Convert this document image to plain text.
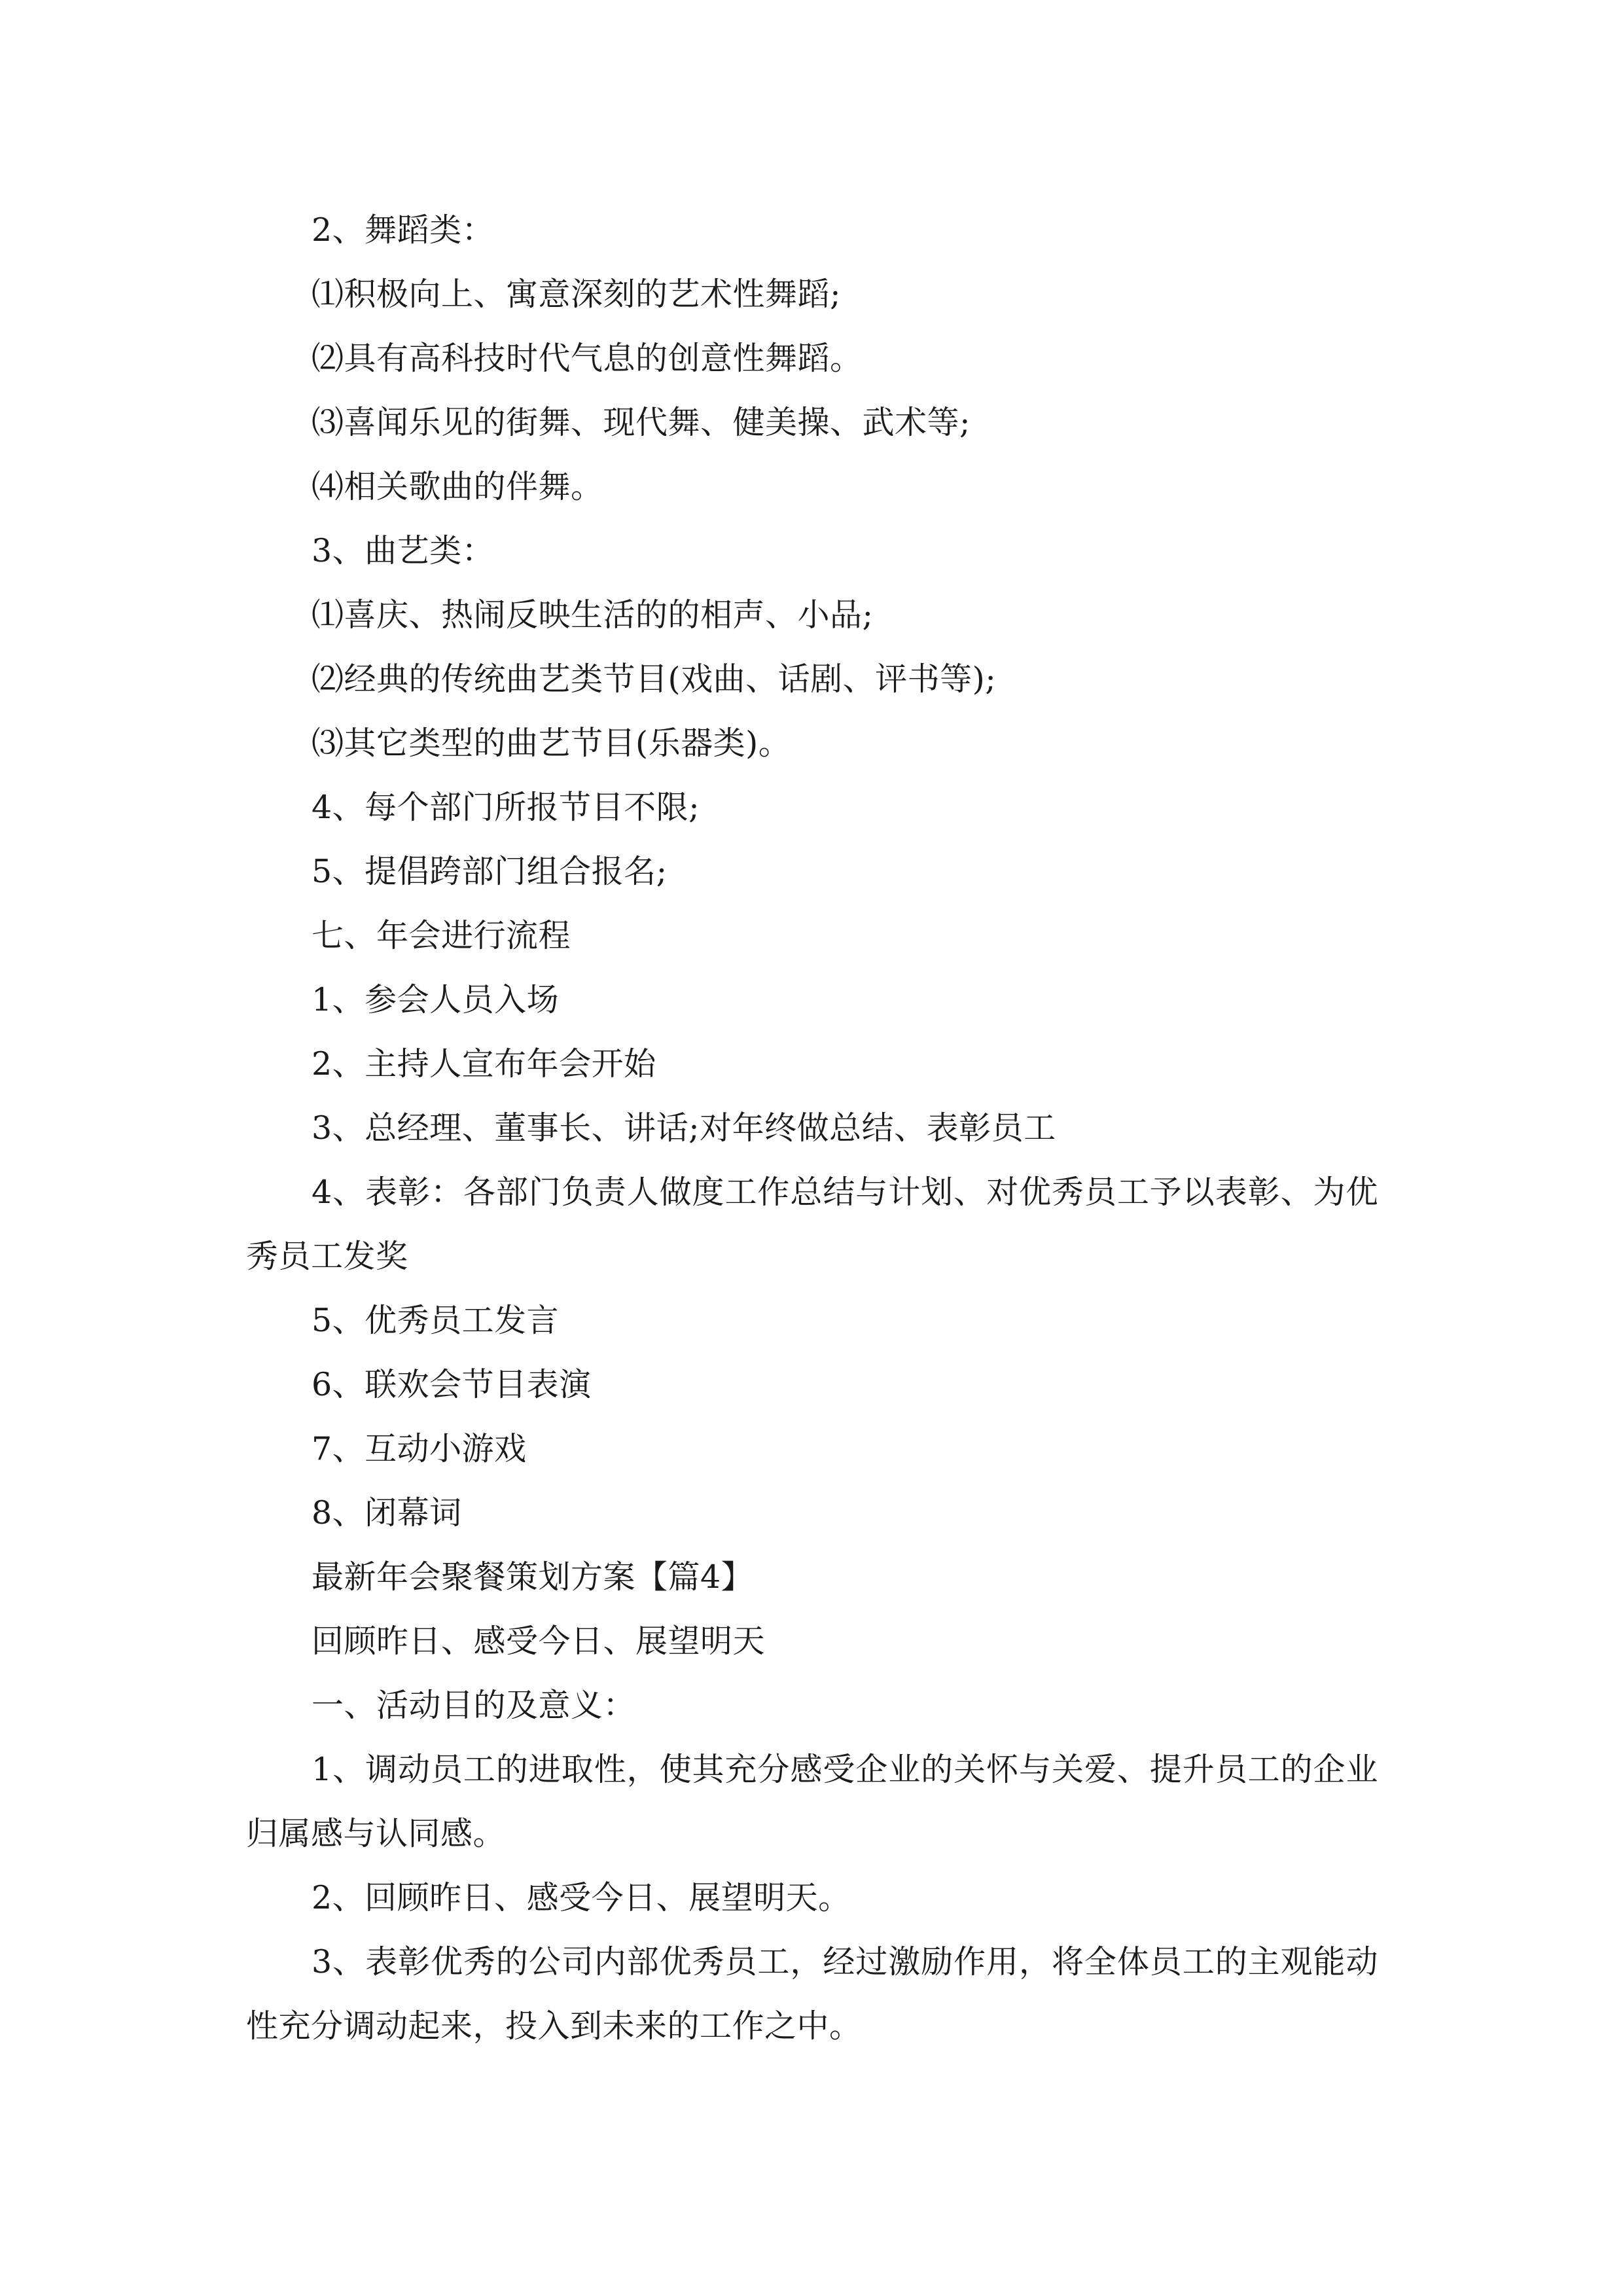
2、舞蹈类：

⑴积极向上、寓意深刻的艺术性舞蹈;

⑵具有高科技时代气息的创意性舞蹈。

⑶喜闻乐见的街舞、现代舞、健美操、武术等;

⑷相关歌曲的伴舞。

3、曲艺类：

⑴喜庆、热闹反映生活的的相声、小品;

⑵经典的传统曲艺类节目(戏曲、话剧、评书等);

⑶其它类型的曲艺节目(乐器类)。

4、每个部门所报节目不限;

5、提倡跨部门组合报名;

七、年会进行流程

1、参会人员入场

2、主持人宣布年会开始

3、总经理、董事长、讲话;对年终做总结、表彰员工

4、表彰：各部门负责人做度工作总结与计划、对优秀员工予以表彰、为优秀员工发奖

5、优秀员工发言

6、联欢会节目表演

7、互动小游戏

8、闭幕词

最新年会聚餐策划方案【篇4】

回顾昨日、感受今日、展望明天

一、活动目的及意义：

1、调动员工的进取性，使其充分感受企业的关怀与关爱、提升员工的企业归属感与认同感。

2、回顾昨日、感受今日、展望明天。

3、表彰优秀的公司内部优秀员工，经过激励作用，将全体员工的主观能动性充分调动起来，投入到未来的工作之中。
